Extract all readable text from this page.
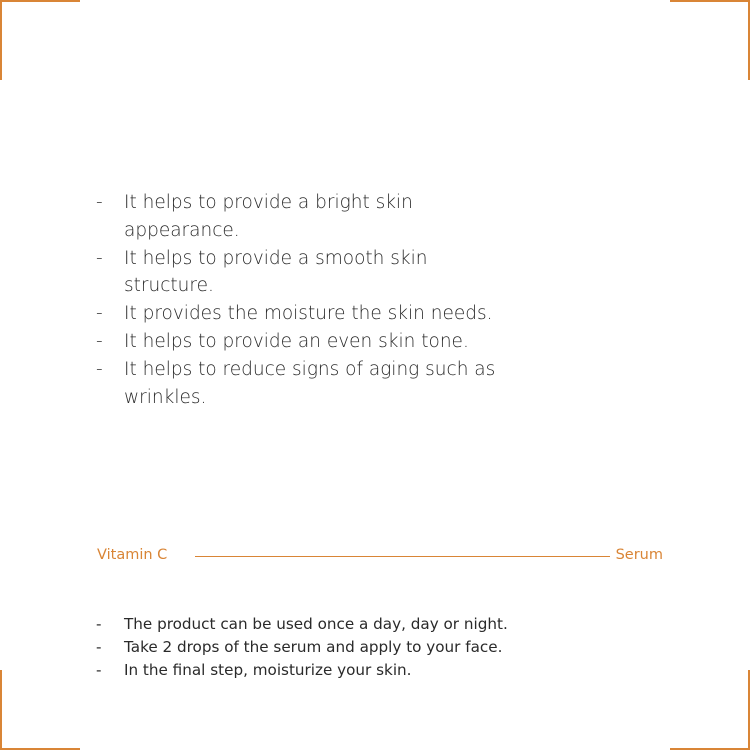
- It helps to provide a bright skin appearance.
- It helps to provide a smooth skin structure.
- It provides the moisture the skin needs.
- It helps to provide an even skin tone.
- It helps to reduce signs of aging such as wrinkles.
Vitamin C	Serum
- The product can be used once a day, day or night.
- Take 2 drops of the serum and apply to your face.
- In the final step, moisturize your skin.
